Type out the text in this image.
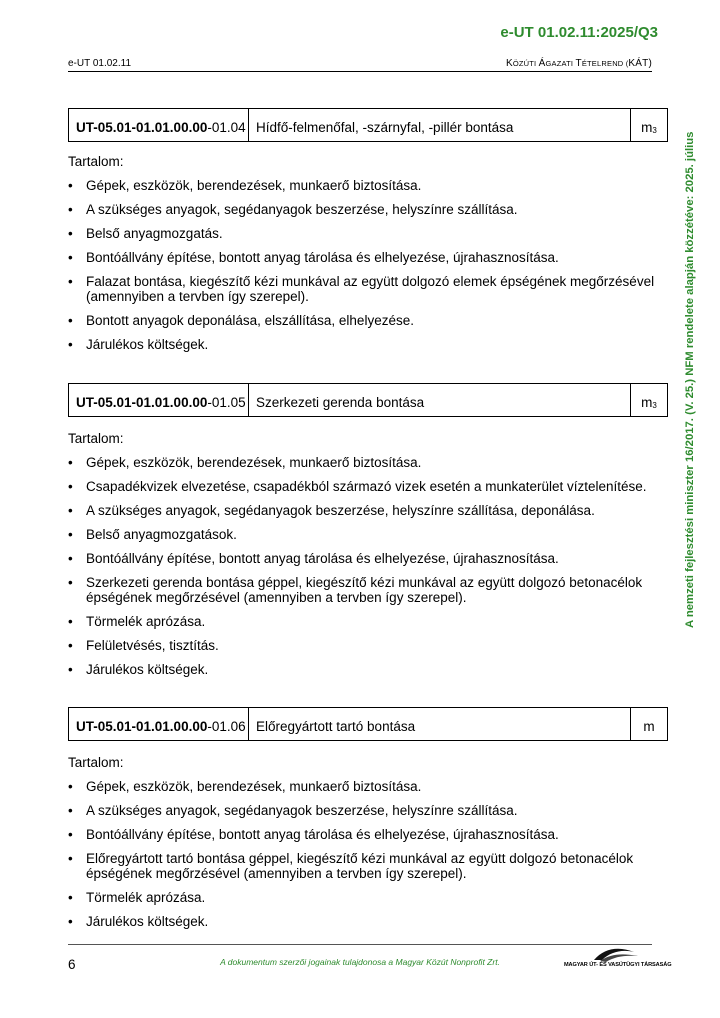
e-UT 01.02.11:2025/Q3
e-UT 01.02.11	KÖZÚTI ÁGAZATI TÉTELREND (KÁT)
A nemzeti fejlesztési miniszter 16/2017. (V. 25.) NFM rendelete alapján közzétéve: 2025. július
UT-05.01-01.01.00.00 -01.04 Hídfő-felmenőfal, -szárnyfal, -pillér bontása	$m_3$
Tartalom:
• Gépek, eszközök, berendezések, munkaerő biztosítása.
• A szükséges anyagok, segédanyagok beszerzése, helyszínre szállítása.
• Belső anyagmozgatás.
• Bontóállvány építése, bontott anyag tárolása és elhelyezése, újrahasznosítása.
• Falazat bontása, kiegészítő kézi munkával az együtt dolgozó elemek épségének megőrzésével (amennyiben a tervben így szerepel).
• Bontott anyagok deponálása, elszállítása, elhelyezése.
• Járulékos költségek.
UT-05.01-01.01.00.00 -01.05 Szerkezeti gerenda bontása	$m_3$
Tartalom:
• Gépek, eszközök, berendezések, munkaerő biztosítása.
• Csapadékvizek elvezetése, csapadékból származó vizek esetén a munkaterület víztelenítése.
• A szükséges anyagok, segédanyagok beszerzése, helyszínre szállítása, deponálása.
• Belső anyagmozgatások.
• Bontóállvány építése, bontott anyag tárolása és elhelyezése, újrahasznosítása.
• Szerkezeti gerenda bontása géppel, kiegészítő kézi munkával az együtt dolgozó betonacélok épségének megőrzésével (amennyiben a tervben így szerepel).
• Törmelék aprózása.
• Felületvésés, tisztítás.
• Járulékos költségek.
UT-05.01-01.01.00.00 -01.06 Előregyártott tartó bontása	m
Tartalom:
• Gépek, eszközök, berendezések, munkaerő biztosítása.
• A szükséges anyagok, segédanyagok beszerzése, helyszínre szállítása.
• Bontóállvány építése, bontott anyag tárolása és elhelyezése, újrahasznosítása.
• Előregyártott tartó bontása géppel, kiegészítő kézi munkával az együtt dolgozó betonacélok épségének megőrzésével (amennyiben a tervben így szerepel).
• Törmelék aprózása.
• Járulékos költségek.
6	A dokumentum szerzői jogainak tulajdonosa a Magyar Közút Nonprofit Zrt.	MAGYAR ÚT- ÉS VASÚTÜGYI TÁRSASÁG
